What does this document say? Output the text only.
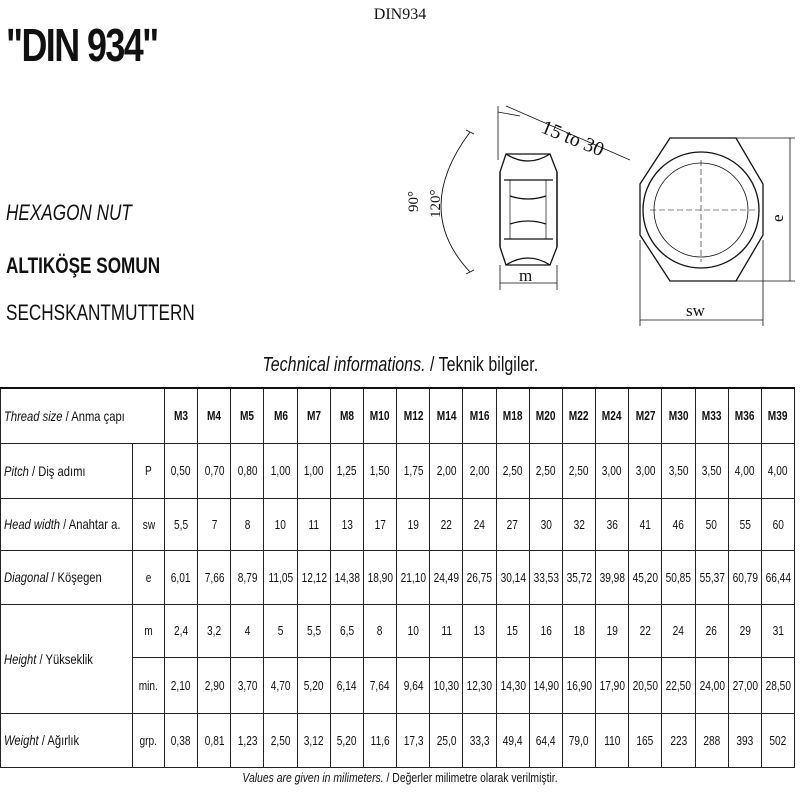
DIN934
"DIN 934"
HEXAGON NUT
ALTIKÖŞE SOMUN
SECHSKANTMUTTERN
15 to 30
90° 120°
m
e
sw
Technical informations. / Teknik bilgiler.
Thread size / Anma çapı		M3	M4	M5	M6	M7	M8	M10	M12	M14	M16	M18	M20	M22	M24	M27	M30	M33	M36	M39
Pitch / Diş adımı	P	0,50	0,70	0,80	1,00	1,00	1,25	1,50	1,75	2,00	2,00	2,50	2,50	2,50	3,00	3,00	3,50	3,50	4,00	4,00
Head width / Anahtar a.	sw	5,5	7	8	10	11	13	17	19	22	24	27	30	32	36	41	46	50	55	60
Diagonal / Köşegen	e	6,01	7,66	8,79	11,05	12,12	14,38	18,90	21,10	24,49	26,75	30,14	33,53	35,72	39,98	45,20	50,85	55,37	60,79	66,44
Height / Yükseklik	m	2,4	3,2	4	5	5,5	6,5	8	10	11	13	15	16	18	19	22	24	26	29	31
	min.	2,10	2,90	3,70	4,70	5,20	6,14	7,64	9,64	10,30	12,30	14,30	14,90	16,90	17,90	20,50	22,50	24,00	27,00	28,50
Weight / Ağırlık	grp.	0,38	0,81	1,23	2,50	3,12	5,20	11,6	17,3	25,0	33,3	49,4	64,4	79,0	110	165	223	288	393	502
Values are given in milimeters. / Değerler milimetre olarak verilmiştir.
